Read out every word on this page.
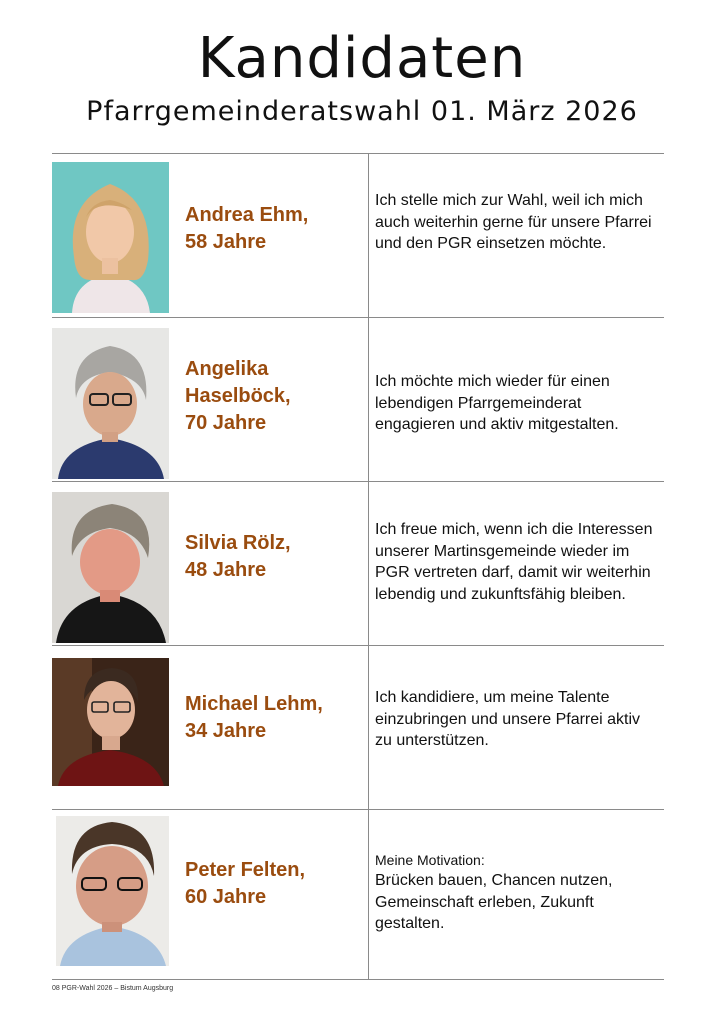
Kandidaten
Pfarrgemeinderatswahl 01. März 2026
Andrea Ehm,
58 Jahre
Ich stelle mich zur Wahl, weil ich mich auch weiterhin gerne für unsere Pfarrei und den PGR einsetzen möchte.
Angelika Haselböck,
70 Jahre
Ich möchte mich wieder für einen lebendigen Pfarrgemeinderat engagieren und aktiv mitgestalten.
Silvia Rölz,
48 Jahre
Ich freue mich, wenn ich die Interessen unserer Martinsgemeinde wieder im PGR vertreten darf, damit wir weiterhin lebendig und zukunftsfähig bleiben.
Michael Lehm,
34 Jahre
Ich kandidiere, um meine Talente einzubringen und unsere Pfarrei aktiv zu unterstützen.
Peter Felten,
60 Jahre
Meine Motivation:
Brücken bauen, Chancen nutzen, Gemeinschaft erleben, Zukunft gestalten.
08 PGR-Wahl 2026 – Bistum Augsburg
